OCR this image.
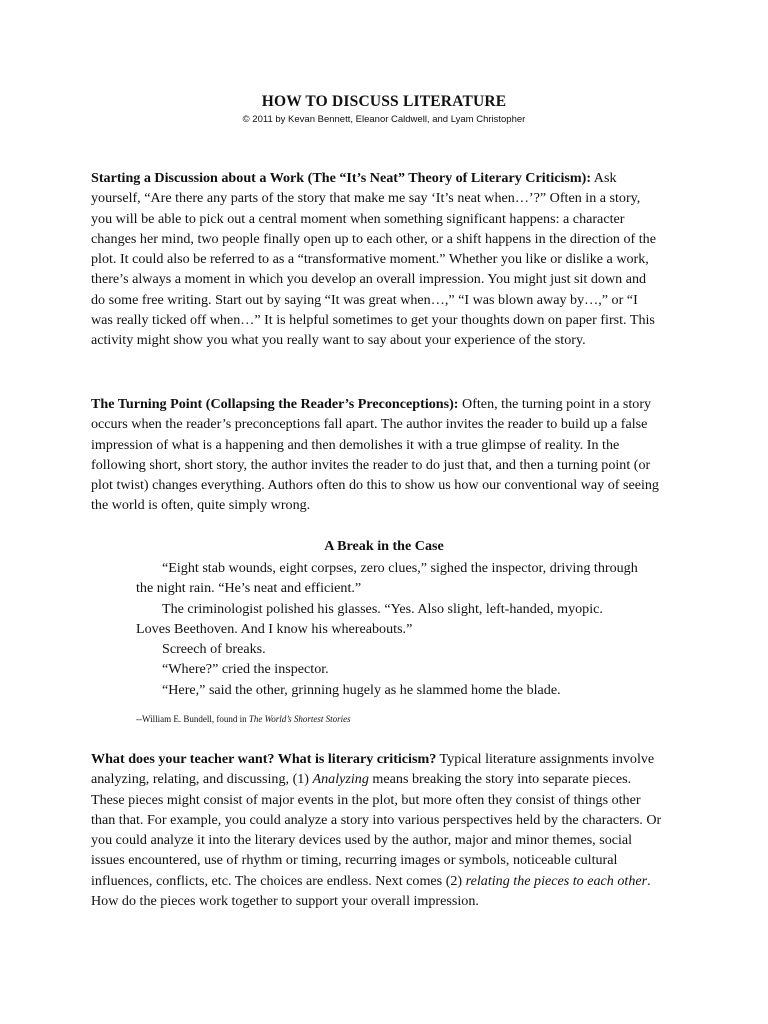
HOW TO DISCUSS LITERATURE
© 2011 by Kevan Bennett, Eleanor Caldwell, and Lyam Christopher

Starting a Discussion about a Work (The “It’s Neat” Theory of Literary Criticism): Ask yourself, “Are there any parts of the story that make me say ‘It’s neat when…’?” Often in a story, you will be able to pick out a central moment when something significant happens: a character changes her mind, two people finally open up to each other, or a shift happens in the direction of the plot. It could also be referred to as a “transformative moment.” Whether you like or dislike a work, there’s always a moment in which you develop an overall impression. You might just sit down and do some free writing. Start out by saying “It was great when…,” “I was blown away by…,” or “I was really ticked off when…” It is helpful sometimes to get your thoughts down on paper first. This activity might show you what you really want to say about your experience of the story.

The Turning Point (Collapsing the Reader’s Preconceptions): Often, the turning point in a story occurs when the reader’s preconceptions fall apart. The author invites the reader to build up a false impression of what is a happening and then demolishes it with a true glimpse of reality. In the following short, short story, the author invites the reader to do just that, and then a turning point (or plot twist) changes everything. Authors often do this to show us how our conventional way of seeing the world is often, quite simply wrong.

A Break in the Case
“Eight stab wounds, eight corpses, zero clues,” sighed the inspector, driving through
the night rain. “He’s neat and efficient.”
The criminologist polished his glasses. “Yes. Also slight, left-handed, myopic.
Loves Beethoven. And I know his whereabouts.”
Screech of breaks.
“Where?” cried the inspector.
“Here,” said the other, grinning hugely as he slammed home the blade.
--William E. Bundell, found in The World’s Shortest Stories

What does your teacher want? What is literary criticism? Typical literature assignments involve analyzing, relating, and discussing, (1) Analyzing means breaking the story into separate pieces. These pieces might consist of major events in the plot, but more often they consist of things other than that. For example, you could analyze a story into various perspectives held by the characters. Or you could analyze it into the literary devices used by the author, major and minor themes, social issues encountered, use of rhythm or timing, recurring images or symbols, noticeable cultural influences, conflicts, etc. The choices are endless. Next comes (2) relating the pieces to each other. How do the pieces work together to support your overall impression.
